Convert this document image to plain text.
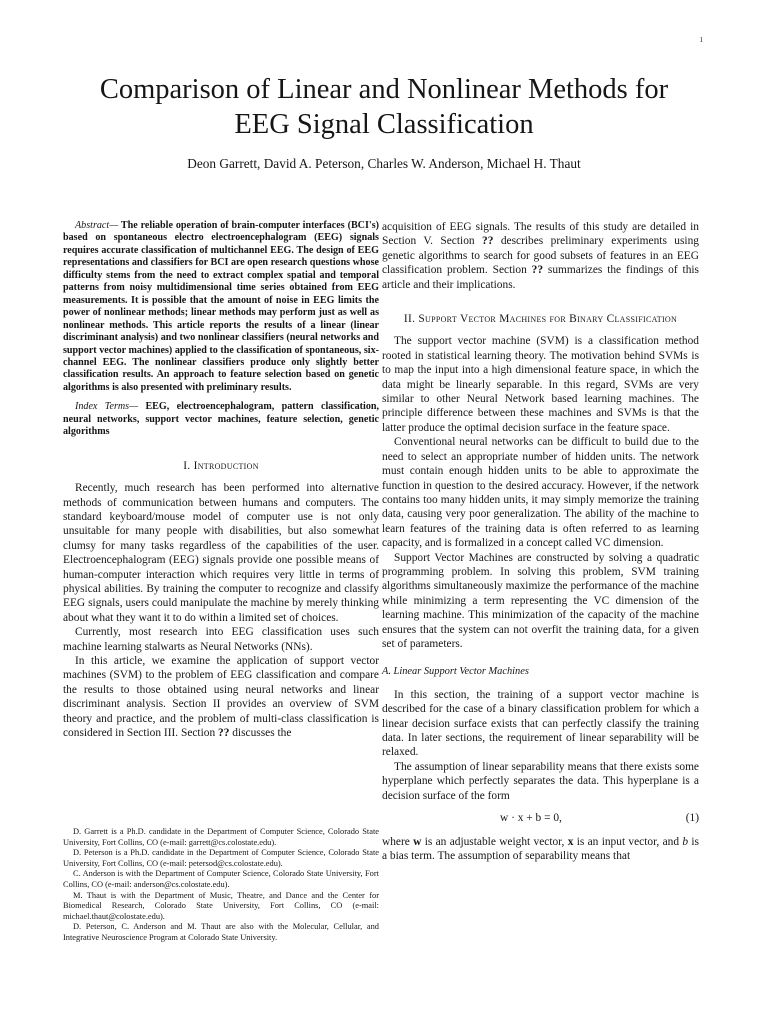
1
Comparison of Linear and Nonlinear Methods for
EEG Signal Classification
Deon Garrett, David A. Peterson, Charles W. Anderson, Michael H. Thaut

Abstract— The reliable operation of brain-computer interfaces (BCI's) based on spontaneous electro electroencephalogram (EEG) signals requires accurate classification of multichannel EEG. The design of EEG representations and classifiers for BCI are open research questions whose difficulty stems from the need to extract complex spatial and temporal patterns from noisy multidimensional time series obtained from EEG measurements. It is possible that the amount of noise in EEG limits the power of nonlinear methods; linear methods may perform just as well as nonlinear methods. This article reports the results of a linear (linear discriminant analysis) and two nonlinear classifiers (neural networks and support vector machines) applied to the classification of spontaneous, six-channel EEG. The nonlinear classifiers produce only slightly better classification results. An approach to feature selection based on genetic algorithms is also presented with preliminary results.

Index Terms— EEG, electroencephalogram, pattern classification, neural networks, support vector machines, feature selection, genetic algorithms

I. Introduction

Recently, much research has been performed into alternative methods of communication between humans and computers. The standard keyboard/mouse model of computer use is not only unsuitable for many people with disabilities, but also somewhat clumsy for many tasks regardless of the capabilities of the user. Electroencephalogram (EEG) signals provide one possible means of human-computer interaction which requires very little in terms of physical abilities. By training the computer to recognize and classify EEG signals, users could manipulate the machine by merely thinking about what they want it to do within a limited set of choices.

Currently, most research into EEG classification uses such machine learning stalwarts as Neural Networks (NNs).

In this article, we examine the application of support vector machines (SVM) to the problem of EEG classification and compare the results to those obtained using neural networks and linear discriminant analysis. Section II provides an overview of SVM theory and practice, and the problem of multi-class classification is considered in Section III. Section ?? discusses the

D. Garrett is a Ph.D. candidate in the Department of Computer Science, Colorado State University, Fort Collins, CO (e-mail: garrett@cs.colostate.edu).

D. Peterson is a Ph.D. candidate in the Department of Computer Science, Colorado State University, Fort Collins, CO (e-mail: petersod@cs.colostate.edu).

C. Anderson is with the Department of Computer Science, Colorado State University, Fort Collins, CO (e-mail: anderson@cs.colostate.edu).

M. Thaut is with the Department of Music, Theatre, and Dance and the Center for Biomedical Research, Colorado State University, Fort Collins, CO (e-mail: michael.thaut@colostate.edu).

D. Peterson, C. Anderson and M. Thaut are also with the Molecular, Cellular, and Integrative Neuroscience Program at Colorado State University.

acquisition of EEG signals. The results of this study are detailed in Section V. Section ?? describes preliminary experiments using genetic algorithms to search for good subsets of features in an EEG classification problem. Section ?? summarizes the findings of this article and their implications.

II. Support Vector Machines for Binary Classification

The support vector machine (SVM) is a classification method rooted in statistical learning theory. The motivation behind SVMs is to map the input into a high dimensional feature space, in which the data might be linearly separable. In this regard, SVMs are very similar to other Neural Network based learning machines. The principle difference between these machines and SVMs is that the latter produce the optimal decision surface in the feature space.

Conventional neural networks can be difficult to build due to the need to select an appropriate number of hidden units. The network must contain enough hidden units to be able to approximate the function in question to the desired accuracy. However, if the network contains too many hidden units, it may simply memorize the training data, causing very poor generalization. The ability of the machine to learn features of the training data is often referred to as learning capacity, and is formalized in a concept called VC dimension.

Support Vector Machines are constructed by solving a quadratic programming problem. In solving this problem, SVM training algorithms simultaneously maximize the performance of the machine while minimizing a term representing the VC dimension of the learning machine. This minimization of the capacity of the machine ensures that the system can not overfit the training data, for a given set of parameters.

A. Linear Support Vector Machines

In this section, the training of a support vector machine is described for the case of a binary classification problem for which a linear decision surface exists that can perfectly classify the training data. In later sections, the requirement of linear separability will be relaxed.

The assumption of linear separability means that there exists some hyperplane which perfectly separates the data. This hyperplane is a decision surface of the form

w · x + b = 0,	(1)

where w is an adjustable weight vector, x is an input vector, and b is a bias term. The assumption of separability means that
